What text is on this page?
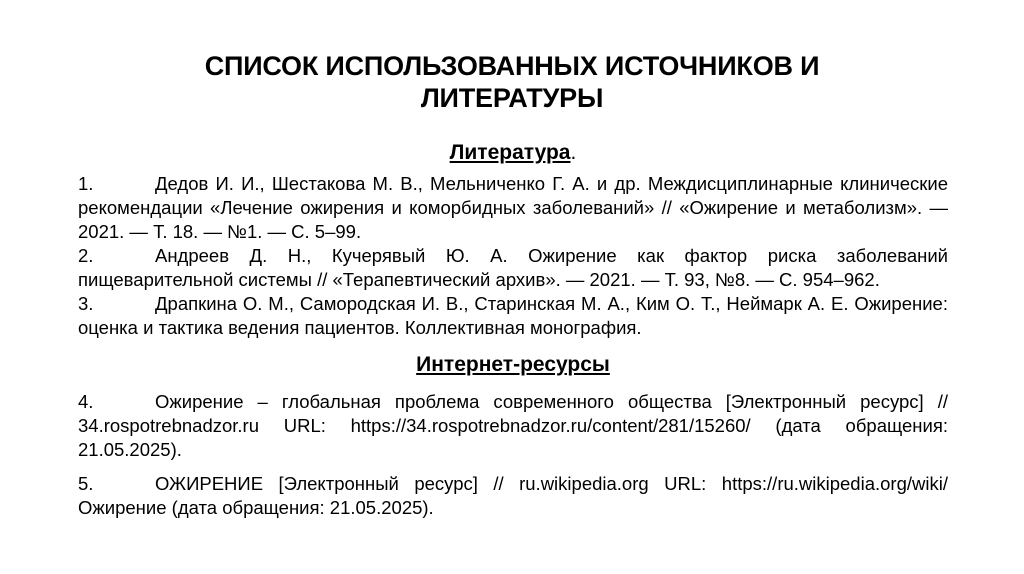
СПИСОК ИСПОЛЬЗОВАННЫХ ИСТОЧНИКОВ И
ЛИТЕРАТУРЫ
Литература.

1.	Дедов И. И., Шестакова М. В., Мельниченко Г. А. и др. Междисциплинарные клинические рекомендации «Лечение ожирения и коморбидных заболеваний» // «Ожирение и метаболизм». — 2021. — Т. 18. — №1. — С. 5–99.

2.	Андреев Д. Н., Кучерявый Ю. А. Ожирение как фактор риска заболеваний пищеварительной системы // «Терапевтический архив». — 2021. — Т. 93, №8. — С. 954–962.

3.	Драпкина О. М., Самородская И. В., Старинская М. А., Ким О. Т., Неймарк А. Е. Ожирение: оценка и тактика ведения пациентов. Коллективная монография.

Интернет-ресурсы

4.	Ожирение – глобальная проблема современного общества [Электронный ресурс] // 34.rospotrebnadzor.ru URL: https://34.rospotrebnadzor.ru/content/281/15260/ (дата обращения: 21.05.2025).

5.	ОЖИРЕНИЕ [Электронный ресурс] // ru.wikipedia.org URL: https://ru.wikipedia.org/wiki/Ожирение (дата обращения: 21.05.2025).
